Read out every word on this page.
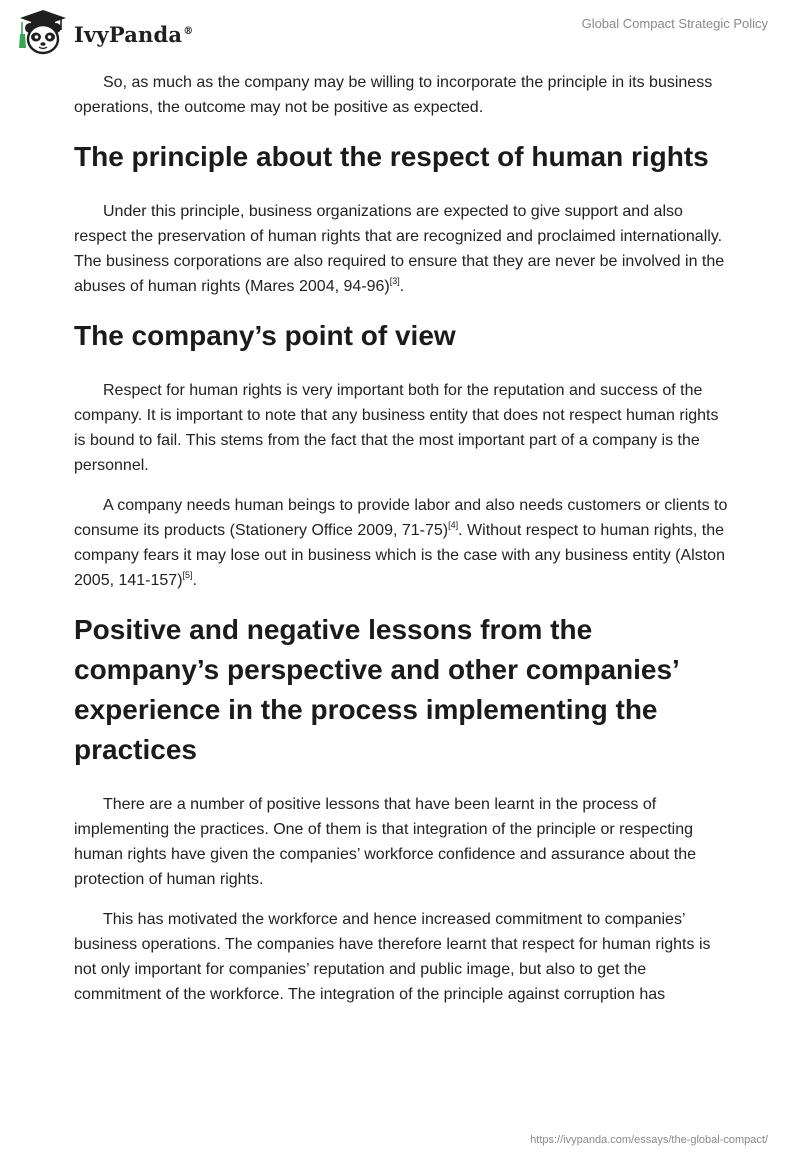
IvyPanda®	Global Compact Strategic Policy

So, as much as the company may be willing to incorporate the principle in its business operations, the outcome may not be positive as expected.

The principle about the respect of human rights

Under this principle, business organizations are expected to give support and also respect the preservation of human rights that are recognized and proclaimed internationally. The business corporations are also required to ensure that they are never be involved in the abuses of human rights (Mares 2004, 94-96)[3].

The company’s point of view

Respect for human rights is very important both for the reputation and success of the company. It is important to note that any business entity that does not respect human rights is bound to fail. This stems from the fact that the most important part of a company is the personnel.

A company needs human beings to provide labor and also needs customers or clients to consume its products (Stationery Office 2009, 71-75)[4]. Without respect to human rights, the company fears it may lose out in business which is the case with any business entity (Alston 2005, 141-157)[5].

Positive and negative lessons from the company’s perspective and other companies’ experience in the process implementing the practices

There are a number of positive lessons that have been learnt in the process of implementing the practices. One of them is that integration of the principle or respecting human rights have given the companies’ workforce confidence and assurance about the protection of human rights.

This has motivated the workforce and hence increased commitment to companies’ business operations. The companies have therefore learnt that respect for human rights is not only important for companies’ reputation and public image, but also to get the commitment of the workforce. The integration of the principle against corruption has

https://ivypanda.com/essays/the-global-compact/
